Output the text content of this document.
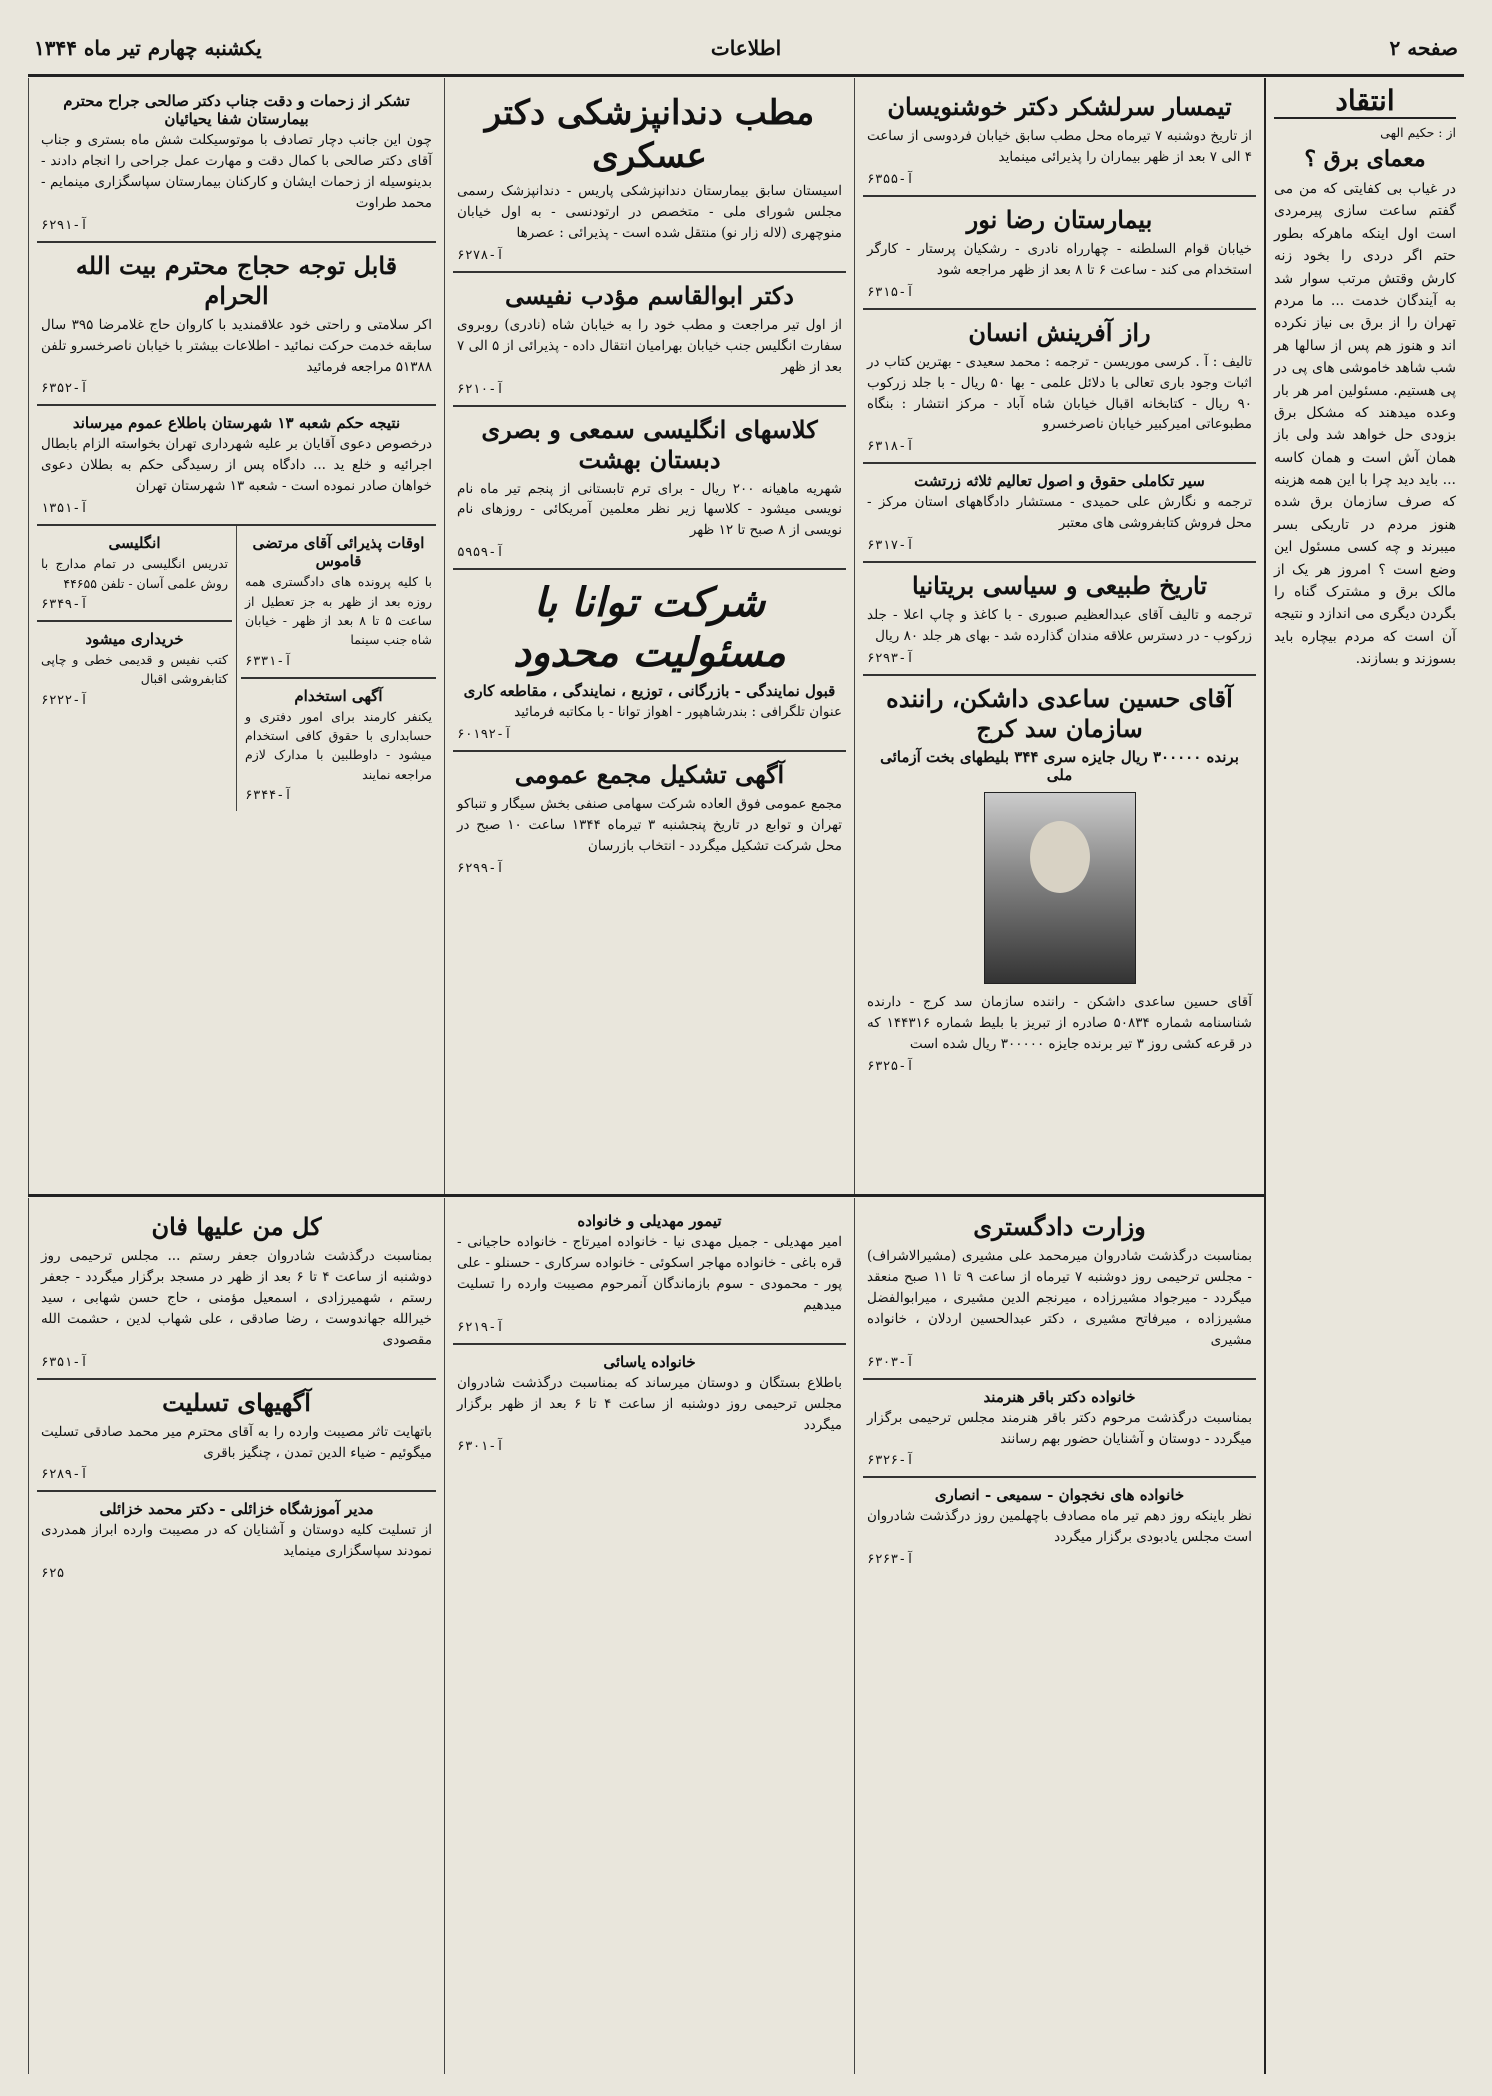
صفحه ۲
اطلاعات
یکشنبه چهارم تیر ماه ۱۳۴۴
انتقاد
از : حکیم الهی
معمای برق ؟
در غیاب بی کفایتی که من می گفتم ساعت سازی پیرمردی است اول اینکه ماهرکه بطور حتم اگر دردی را بخود زنه کارش وقتش مرتب سوار شد به آیندگان خدمت ... ما مردم تهران را از برق بی نیاز نکرده اند و هنوز هم پس از سالها هر شب شاهد خاموشی های پی در پی هستیم. مسئولین امر هر بار وعده میدهند که مشکل برق بزودی حل خواهد شد ولی باز همان آش است و همان کاسه ... باید دید چرا با این همه هزینه که صرف سازمان برق شده هنوز مردم در تاریکی بسر میبرند و چه کسی مسئول این وضع است ؟ امروز هر یک از مالک برق و مشترک گناه را بگردن دیگری می اندازد و نتیجه آن است که مردم بیچاره باید بسوزند و بسازند.
تیمسار سرلشکر دکتر خوشنویسان
از تاریخ دوشنبه ۷ تیرماه محل مطب سابق خیابان فردوسی از ساعت ۴ الی ۷ بعد از ظهر بیماران را پذیرائی مینماید
آ-۶۳۵۵
بیمارستان رضا نور
خیابان قوام السلطنه - چهارراه نادری - رشکیان پرستار - کارگر استخدام می کند - ساعت ۶ تا ۸ بعد از ظهر مراجعه شود
آ-۶۳۱۵
راز آفرینش انسان
تالیف : آ . کرسی موریسن - ترجمه : محمد سعیدی - بهترین کتاب در اثبات وجود باری تعالی با دلائل علمی - بها ۵۰ ریال - با جلد زرکوب ۹۰ ریال - کتابخانه اقبال خیابان شاه آباد - مرکز انتشار : بنگاه مطبوعاتی امیرکبیر خیابان ناصرخسرو
آ-۶۳۱۸
سیر تکاملی حقوق و اصول تعالیم ثلاثه زرتشت
ترجمه و نگارش علی حمیدی - مستشار دادگاههای استان مرکز - محل فروش کتابفروشی های معتبر
آ-۶۳۱۷
تاریخ طبیعی و سیاسی بریتانیا
ترجمه و تالیف آقای عبدالعظیم صبوری - با کاغذ و چاپ اعلا - جلد زرکوب - در دسترس علاقه مندان گذارده شد - بهای هر جلد ۸۰ ریال
آ-۶۲۹۳
آقای حسین ساعدی داشکن، راننده سازمان سد کرج
برنده ۳۰۰۰۰۰ ریال جایزه سری ۳۴۴ بلیطهای بخت آزمائی ملی
آقای حسین ساعدی داشکن - راننده سازمان سد کرج - دارنده شناسنامه شماره ۵۰۸۳۴ صادره از تبریز با بلیط شماره ۱۴۴۳۱۶ که در قرعه کشی روز ۳ تیر برنده جایزه ۳۰۰۰۰۰ ریال شده است
آ-۶۳۲۵
مطب دندانپزشکی دکتر عسکری
اسیستان سابق بیمارستان دندانپزشکی پاریس - دندانپزشک رسمی مجلس شورای ملی - متخصص در ارتودنسی - به اول خیابان منوچهری (لاله زار نو) منتقل شده است - پذیرائی : عصرها
آ-۶۲۷۸
دکتر ابوالقاسم مؤدب نفیسی
از اول تیر مراجعت و مطب خود را به خیابان شاه (نادری) روبروی سفارت انگلیس جنب خیابان بهرامیان انتقال داده - پذیرائی از ۵ الی ۷ بعد از ظهر
آ-۶۲۱۰
کلاسهای انگلیسی سمعی و بصری دبستان بهشت
شهریه ماهیانه ۲۰۰ ریال - برای ترم تابستانی از پنجم تیر ماه نام نویسی میشود - کلاسها زیر نظر معلمین آمریکائی - روزهای نام نویسی از ۸ صبح تا ۱۲ ظهر
آ-۵۹۵۹
شرکت توانا با مسئولیت محدود
قبول نمایندگی - بازرگانی ، توزیع ، نمایندگی ، مقاطعه کاری
عنوان تلگرافی : بندرشاهپور - اهواز توانا - با مکاتبه فرمائید
آ-۶۰۱۹۲
آگهی تشکیل مجمع عمومی
مجمع عمومی فوق العاده شرکت سهامی صنفی بخش سیگار و تنباکو تهران و توابع در تاریخ پنجشنبه ۳ تیرماه ۱۳۴۴ ساعت ۱۰ صبح در محل شرکت تشکیل میگردد - انتخاب بازرسان
آ-۶۲۹۹
تشکر از زحمات و دقت جناب دکتر صالحی جراح محترم بیمارستان شفا یحیائیان
چون این جانب دچار تصادف با موتوسیکلت شش ماه بستری و جناب آقای دکتر صالحی با کمال دقت و مهارت عمل جراحی را انجام دادند - بدینوسیله از زحمات ایشان و کارکنان بیمارستان سپاسگزاری مینمایم - محمد طراوت
آ-۶۲۹۱
قابل توجه حجاج محترم بیت الله الحرام
اکر سلامتی و راحتی خود علاقمندید با کاروان حاج غلامرضا ۳۹۵ سال سابقه خدمت حرکت نمائید - اطلاعات بیشتر با خیابان ناصرخسرو تلفن ۵۱۳۸۸ مراجعه فرمائید
آ-۶۳۵۲
نتیجه حکم شعبه ۱۳ شهرستان باطلاع عموم میرساند
درخصوص دعوی آقایان بر علیه شهرداری تهران بخواسته الزام بابطال اجرائیه و خلع ید ... دادگاه پس از رسیدگی حکم به بطلان دعوی خواهان صادر نموده است - شعبه ۱۳ شهرستان تهران
آ-۱۳۵۱
اوقات پذیرائی آقای مرتضی قاموس
با کلیه پرونده های دادگستری همه روزه بعد از ظهر به جز تعطیل از ساعت ۵ تا ۸ بعد از ظهر - خیابان شاه جنب سینما
آ-۶۳۳۱
آگهی استخدام
یکنفر کارمند برای امور دفتری و حسابداری با حقوق کافی استخدام میشود - داوطلبین با مدارک لازم مراجعه نمایند
آ-۶۳۴۴
انگلیسی
تدریس انگلیسی در تمام مدارج با روش علمی آسان - تلفن ۴۴۶۵۵
آ-۶۳۴۹
خریداری میشود
کتب نفیس و قدیمی خطی و چاپی کتابفروشی اقبال
آ-۶۲۲۲
وزارت دادگستری
بمناسبت درگذشت شادروان میرمحمد علی مشیری (مشیرالاشراف) - مجلس ترحیمی روز دوشنبه ۷ تیرماه از ساعت ۹ تا ۱۱ صبح منعقد میگردد - میرجواد مشیرزاده ، میرنجم الدین مشیری ، میرابوالفضل مشیرزاده ، میرفاتح مشیری ، دکتر عبدالحسین اردلان ، خانواده مشیری
آ-۶۳۰۳
خانواده دکتر باقر هنرمند
بمناسبت درگذشت مرحوم دکتر باقر هنرمند مجلس ترحیمی برگزار میگردد - دوستان و آشنایان حضور بهم رسانند
آ-۶۳۲۶
خانواده های نخجوان - سمیعی - انصاری
نظر باینکه روز دهم تیر ماه مصادف باچهلمین روز درگذشت شادروان است مجلس یادبودی برگزار میگردد
آ-۶۲۶۳
تیمور مهدیلی و خانواده
امیر مهدیلی - جمیل مهدی نیا - خانواده امیرتاج - خانواده حاجیانی - قره باغی - خانواده مهاجر اسکوئی - خانواده سرکاری - حسنلو - علی پور - محمودی - سوم بازماندگان آنمرحوم مصیبت وارده را تسلیت میدهیم
آ-۶۲۱۹
خانواده یاسائی
باطلاع بستگان و دوستان میرساند که بمناسبت درگذشت شادروان مجلس ترحیمی روز دوشنبه از ساعت ۴ تا ۶ بعد از ظهر برگزار میگردد
آ-۶۳۰۱
کل من علیها فان
بمناسبت درگذشت شادروان جعفر رستم ... مجلس ترحیمی روز دوشنبه از ساعت ۴ تا ۶ بعد از ظهر در مسجد برگزار میگردد - جعفر رستم ، شهمیرزادی ، اسمعیل مؤمنی ، حاج حسن شهابی ، سید خیرالله جهاندوست ، رضا صادقی ، علی شهاب لدین ، حشمت الله مقصودی
آ-۶۳۵۱
آگهیهای تسلیت
باتهایت تاثر مصیبت وارده را به آقای محترم میر محمد صادقی تسلیت میگوئیم - ضیاء الدین تمدن ، چنگیز باقری
آ-۶۲۸۹
مدیر آموزشگاه خزائلی - دکتر محمد خزائلی
از تسلیت کلیه دوستان و آشنایان که در مصیبت وارده ابراز همدردی نمودند سپاسگزاری مینماید
۶۲۵
